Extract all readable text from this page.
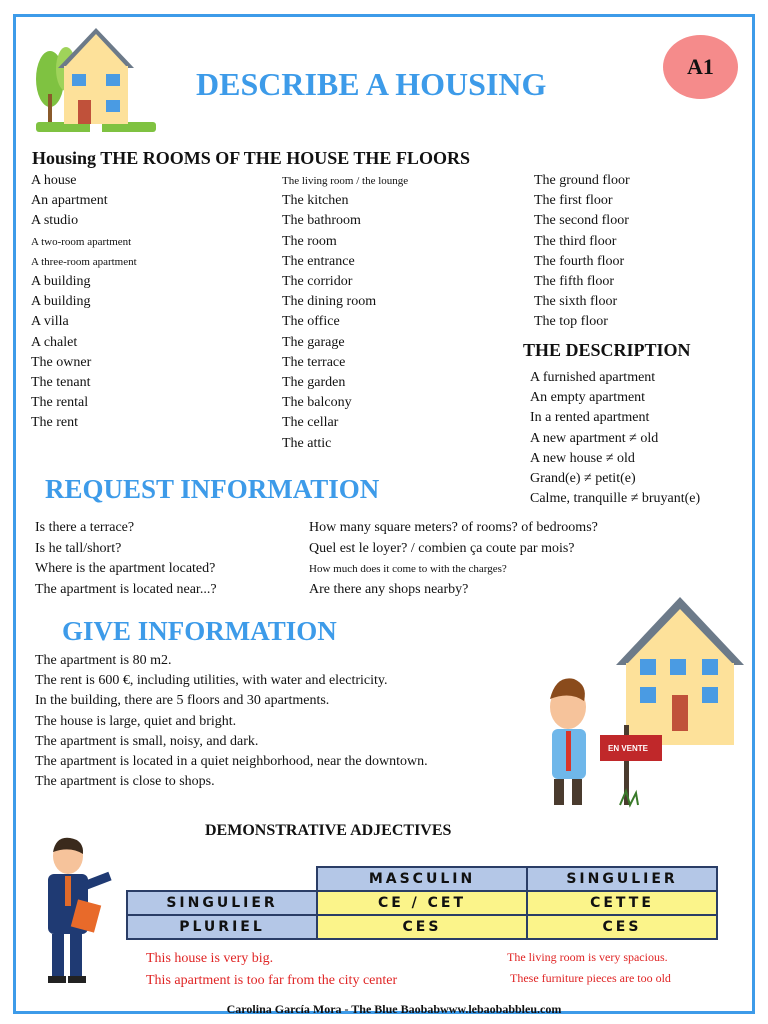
DESCRIBE A HOUSING	A1
Housing THE ROOMS OF THE HOUSE THE FLOORS
A house
An apartment
A studio
A two-room apartment
A three-room apartment
A building
A building
A villa
A chalet
The owner
The tenant
The rental
The rent
The living room / the lounge
The kitchen
The bathroom
The room
The entrance
The corridor
The dining room
The office
The garage
The terrace
The garden
The balcony
The cellar
The attic
The ground floor
The first floor
The second floor
The third floor
The fourth floor
The fifth floor
The sixth floor
The top floor
THE DESCRIPTION
A furnished apartment
An empty apartment
In a rented apartment
A new apartment ≠ old
A new house ≠ old
Grand(e) ≠ petit(e)
Calme, tranquille ≠ bruyant(e)
REQUEST INFORMATION
Is there a terrace?
Is he tall/short?
Where is the apartment located?
The apartment is located near...?
How many square meters? of rooms? of bedrooms?
Quel est le loyer? / combien ça coute par mois?
How much does it come to with the charges?
Are there any shops nearby?
GIVE INFORMATION
The apartment is 80 m2.
The rent is 600 €, including utilities, with water and electricity.
In the building, there are 5 floors and 30 apartments.
The house is large, quiet and bright.
The apartment is small, noisy, and dark.
The apartment is located in a quiet neighborhood, near the downtown.
The apartment is close to shops.
EN VENTE
DEMONSTRATIVE ADJECTIVES
	MASCULIN	SINGULIER
SINGULIER	CE / CET	CETTE
PLURIEL	CES	CES
This house is very big.
This apartment is too far from the city center
The living room is very spacious.
These furniture pieces are too old
Carolina García Mora - The Blue Baobabwww.lebaobabbleu.com
